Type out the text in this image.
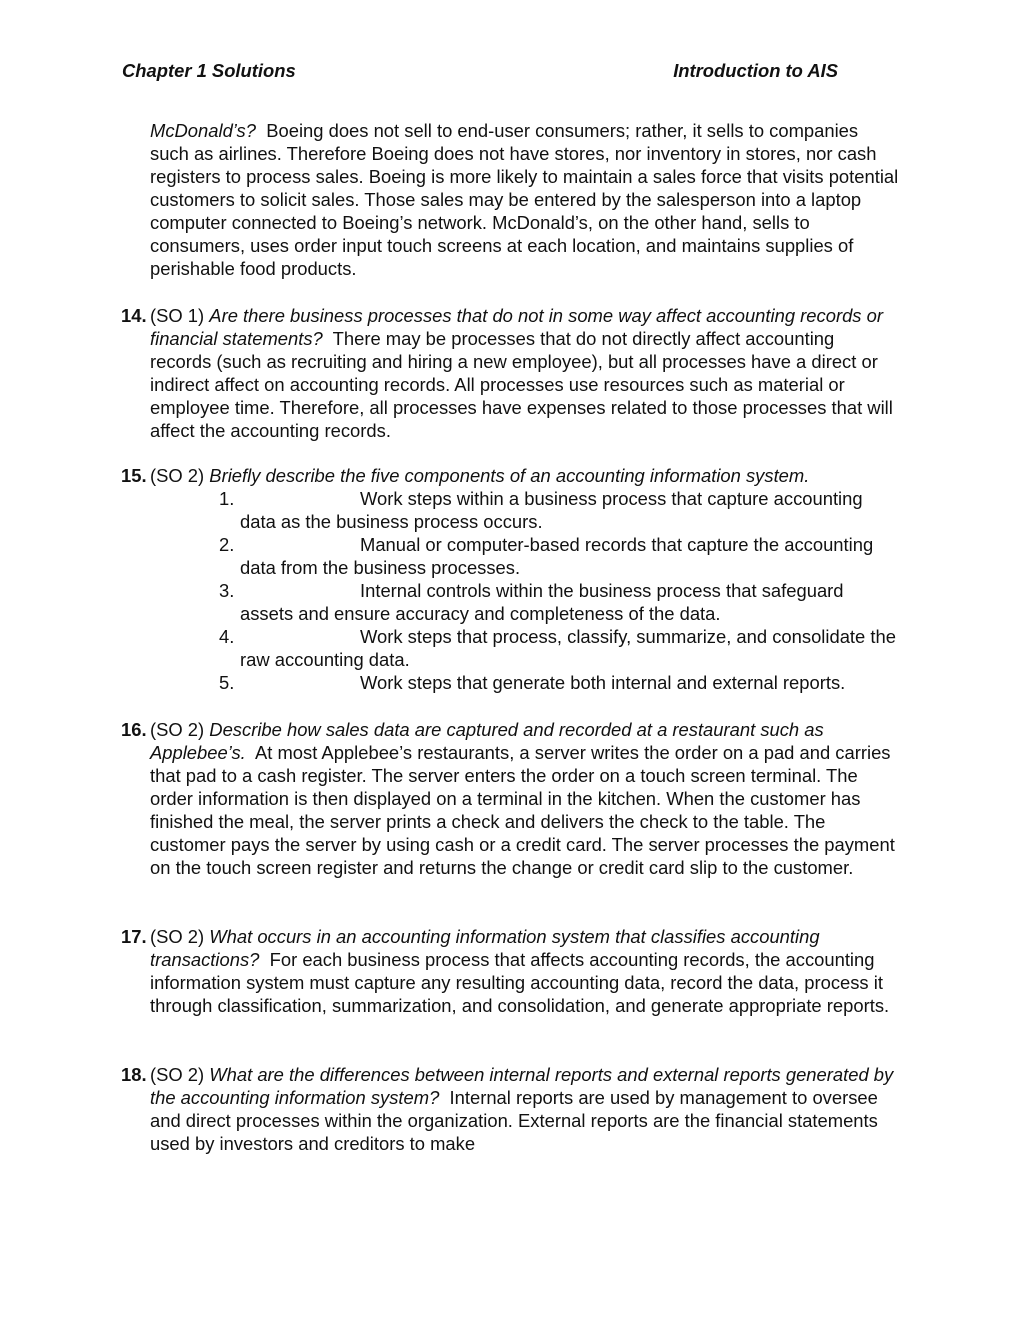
Chapter 1 Solutions	Introduction to AIS
McDonald’s? Boeing does not sell to end-user consumers; rather, it sells to companies such as airlines. Therefore Boeing does not have stores, nor inventory in stores, nor cash registers to process sales. Boeing is more likely to maintain a sales force that visits potential customers to solicit sales. Those sales may be entered by the salesperson into a laptop computer connected to Boeing’s network. McDonald’s, on the other hand, sells to consumers, uses order input touch screens at each location, and maintains supplies of perishable food products.
14. (SO 1) Are there business processes that do not in some way affect accounting records or financial statements? There may be processes that do not directly affect accounting records (such as recruiting and hiring a new employee), but all processes have a direct or indirect affect on accounting records. All processes use resources such as material or employee time. Therefore, all processes have expenses related to those processes that will affect the accounting records.
15. (SO 2) Briefly describe the five components of an accounting information system.
1.	Work steps within a business process that capture accounting data as the business process occurs.
2.	Manual or computer-based records that capture the accounting data from the business processes.
3.	Internal controls within the business process that safeguard assets and ensure accuracy and completeness of the data.
4.	Work steps that process, classify, summarize, and consolidate the raw accounting data.
5.	Work steps that generate both internal and external reports.
16. (SO 2) Describe how sales data are captured and recorded at a restaurant such as Applebee’s. At most Applebee’s restaurants, a server writes the order on a pad and carries that pad to a cash register. The server enters the order on a touch screen terminal. The order information is then displayed on a terminal in the kitchen. When the customer has finished the meal, the server prints a check and delivers the check to the table. The customer pays the server by using cash or a credit card. The server processes the payment on the touch screen register and returns the change or credit card slip to the customer.
17. (SO 2) What occurs in an accounting information system that classifies accounting transactions? For each business process that affects accounting records, the accounting information system must capture any resulting accounting data, record the data, process it through classification, summarization, and consolidation, and generate appropriate reports.
18. (SO 2) What are the differences between internal reports and external reports generated by the accounting information system? Internal reports are used by management to oversee and direct processes within the organization. External reports are the financial statements used by investors and creditors to make
